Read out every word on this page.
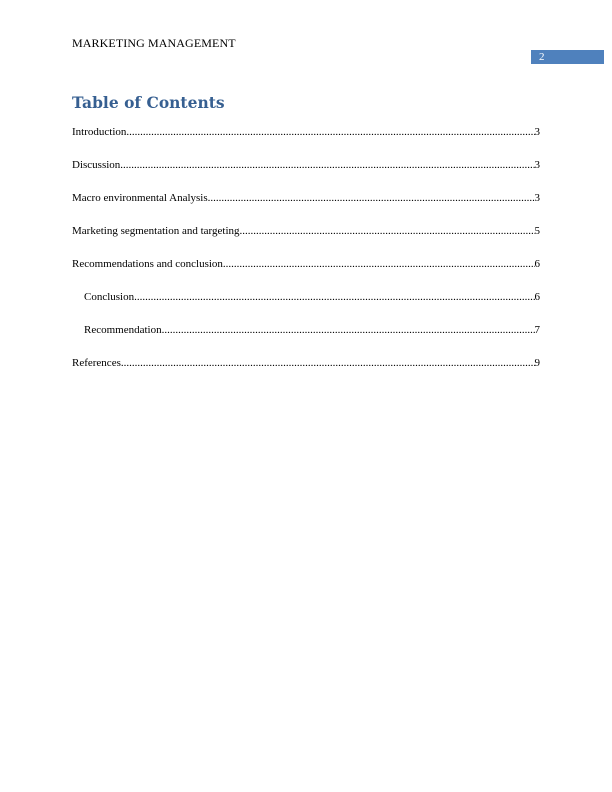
MARKETING MANAGEMENT
2
Table of Contents
Introduction .....	3
Discussion .....	3
Macro environmental Analysis .....	3
Marketing segmentation and targeting .....	5
Recommendations and conclusion .....	6
Conclusion .....	6
Recommendation .....	7
References .....	9
